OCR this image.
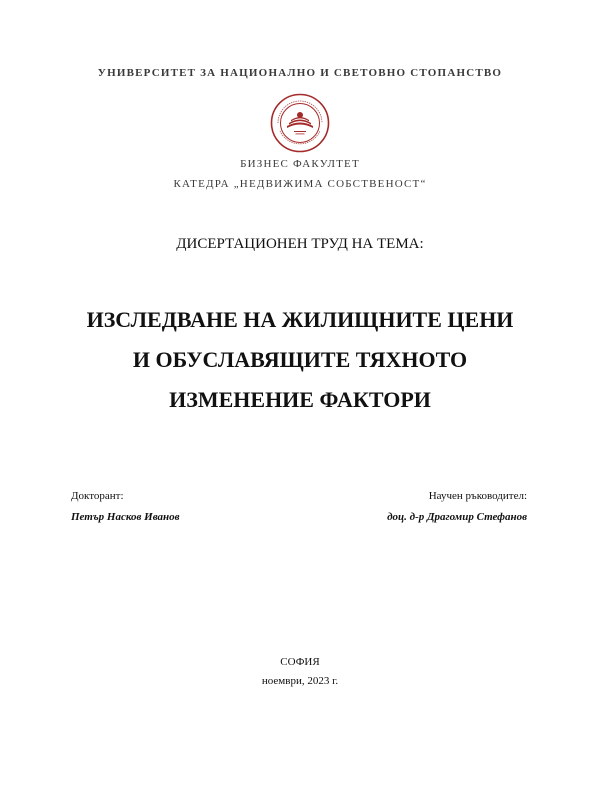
УНИВЕРСИТЕТ ЗА НАЦИОНАЛНО И СВЕТОВНО СТОПАНСТВО
БИЗНЕС ФАКУЛТЕТ
КАТЕДРА „НЕДВИЖИМА СОБСТВЕНОСТ“
ДИСЕРТАЦИОНЕН ТРУД НА ТЕМА:
ИЗСЛЕДВАНЕ НА ЖИЛИЩНИТЕ ЦЕНИ
И ОБУСЛАВЯЩИТЕ ТЯХНОТО
ИЗМЕНЕНИЕ ФАКТОРИ
Докторант:
Петър Насков Иванов
Научен ръководител:
доц. д-р Драгомир Стефанов
СОФИЯ
ноември, 2023 г.
